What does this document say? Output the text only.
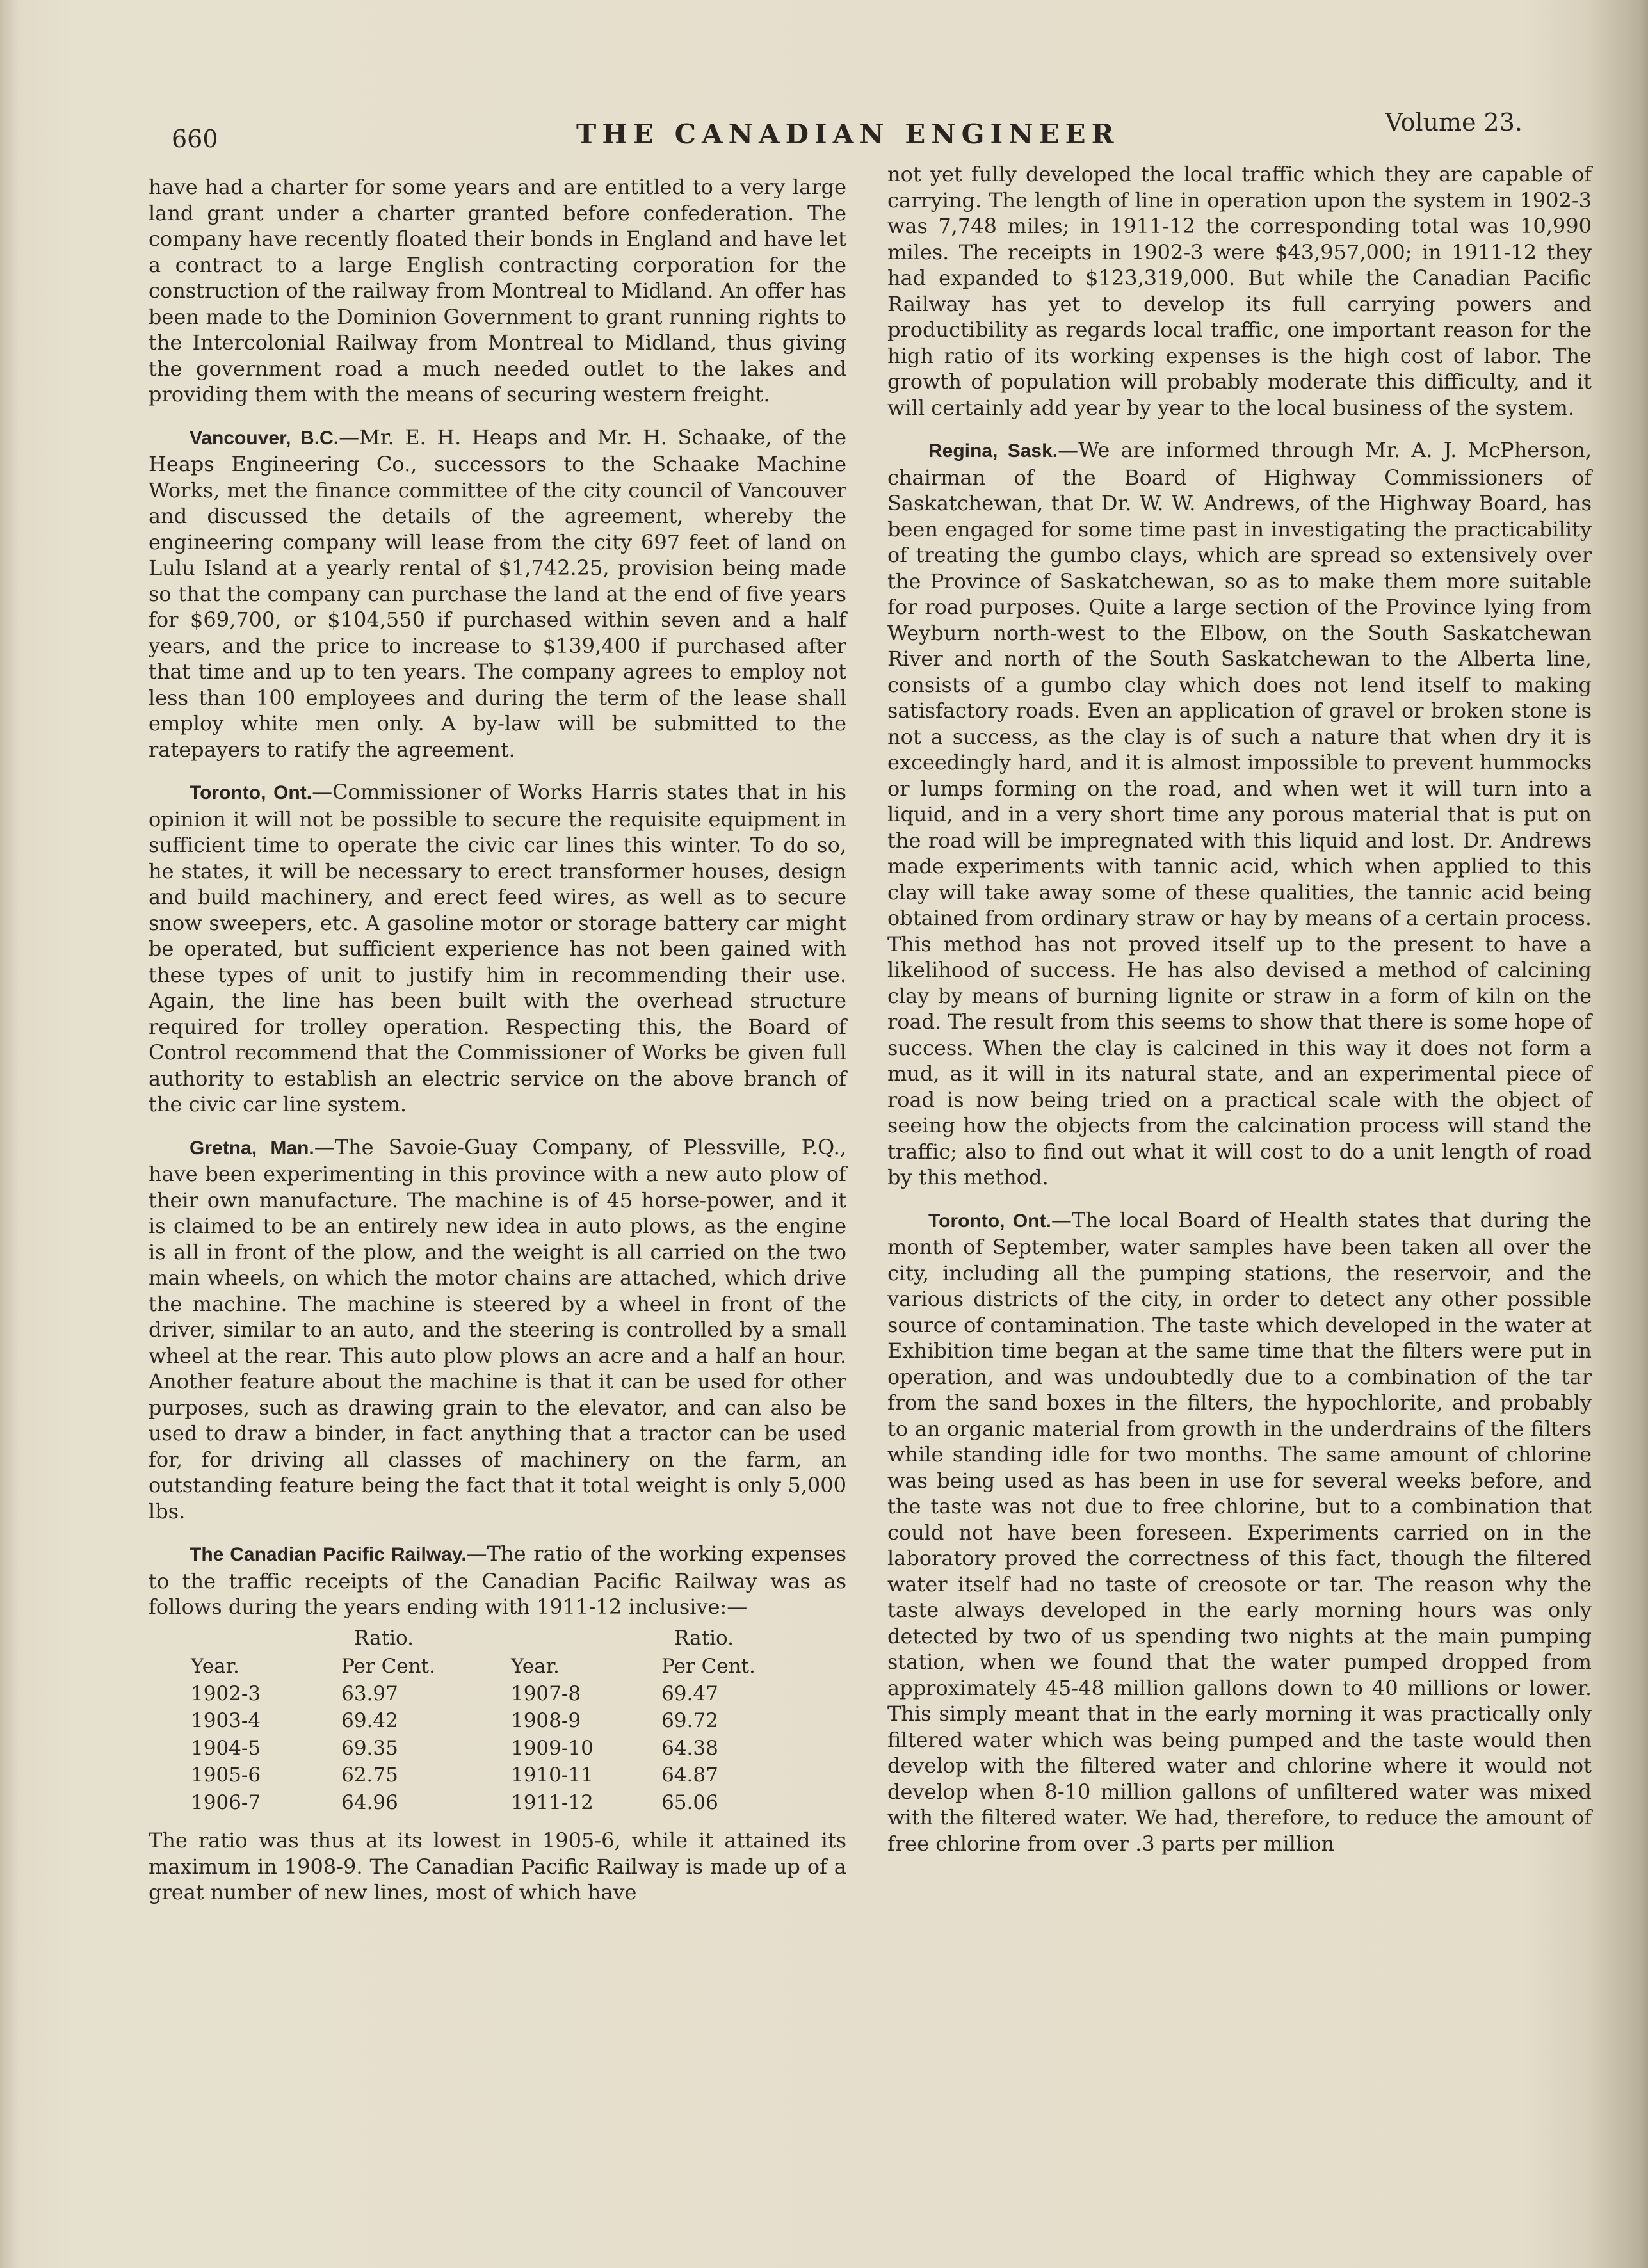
660	THE CANADIAN ENGINEER	Volume 23.

have had a charter for some years and are entitled to a very large land grant under a charter granted before confederation. The company have recently floated their bonds in England and have let a contract to a large English contracting corporation for the construction of the railway from Montreal to Midland. An offer has been made to the Dominion Government to grant running rights to the Intercolonial Railway from Montreal to Midland, thus giving the government road a much needed outlet to the lakes and providing them with the means of securing western freight.

Vancouver, B.C.—Mr. E. H. Heaps and Mr. H. Schaake, of the Heaps Engineering Co., successors to the Schaake Machine Works, met the finance committee of the city council of Vancouver and discussed the details of the agreement, whereby the engineering company will lease from the city 697 feet of land on Lulu Island at a yearly rental of $1,742.25, provision being made so that the company can purchase the land at the end of five years for $69,700, or $104,550 if purchased within seven and a half years, and the price to increase to $139,400 if purchased after that time and up to ten years. The company agrees to employ not less than 100 employees and during the term of the lease shall employ white men only. A by-law will be submitted to the ratepayers to ratify the agreement.

Toronto, Ont.—Commissioner of Works Harris states that in his opinion it will not be possible to secure the requisite equipment in sufficient time to operate the civic car lines this winter. To do so, he states, it will be necessary to erect transformer houses, design and build machinery, and erect feed wires, as well as to secure snow sweepers, etc. A gasoline motor or storage battery car might be operated, but sufficient experience has not been gained with these types of unit to justify him in recommending their use. Again, the line has been built with the overhead structure required for trolley operation. Respecting this, the Board of Control recommend that the Commissioner of Works be given full authority to establish an electric service on the above branch of the civic car line system.

Gretna, Man.—The Savoie-Guay Company, of Plessville, P.Q., have been experimenting in this province with a new auto plow of their own manufacture. The machine is of 45 horse-power, and it is claimed to be an entirely new idea in auto plows, as the engine is all in front of the plow, and the weight is all carried on the two main wheels, on which the motor chains are attached, which drive the machine. The machine is steered by a wheel in front of the driver, similar to an auto, and the steering is controlled by a small wheel at the rear. This auto plow plows an acre and a half an hour. Another feature about the machine is that it can be used for other purposes, such as drawing grain to the elevator, and can also be used to draw a binder, in fact anything that a tractor can be used for, for driving all classes of machinery on the farm, an outstanding feature being the fact that it total weight is only 5,000 lbs.

The Canadian Pacific Railway.—The ratio of the working expenses to the traffic receipts of the Canadian Pacific Railway was as follows during the years ending with 1911-12 inclusive:—

	Ratio.		Ratio.
Year.	Per Cent.	Year.	Per Cent.
1902-3	63.97	1907-8	69.47
1903-4	69.42	1908-9	69.72
1904-5	69.35	1909-10	64.38
1905-6	62.75	1910-11	64.87
1906-7	64.96	1911-12	65.06

The ratio was thus at its lowest in 1905-6, while it attained its maximum in 1908-9. The Canadian Pacific Railway is made up of a great number of new lines, most of which have

not yet fully developed the local traffic which they are capable of carrying. The length of line in operation upon the system in 1902-3 was 7,748 miles; in 1911-12 the corresponding total was 10,990 miles. The receipts in 1902-3 were $43,957,000; in 1911-12 they had expanded to $123,319,000. But while the Canadian Pacific Railway has yet to develop its full carrying powers and productibility as regards local traffic, one important reason for the high ratio of its working expenses is the high cost of labor. The growth of population will probably moderate this difficulty, and it will certainly add year by year to the local business of the system.

Regina, Sask.—We are informed through Mr. A. J. McPherson, chairman of the Board of Highway Commissioners of Saskatchewan, that Dr. W. W. Andrews, of the Highway Board, has been engaged for some time past in investigating the practicability of treating the gumbo clays, which are spread so extensively over the Province of Saskatchewan, so as to make them more suitable for road purposes. Quite a large section of the Province lying from Weyburn north-west to the Elbow, on the South Saskatchewan River and north of the South Saskatchewan to the Alberta line, consists of a gumbo clay which does not lend itself to making satisfactory roads. Even an application of gravel or broken stone is not a success, as the clay is of such a nature that when dry it is exceedingly hard, and it is almost impossible to prevent hummocks or lumps forming on the road, and when wet it will turn into a liquid, and in a very short time any porous material that is put on the road will be impregnated with this liquid and lost. Dr. Andrews made experiments with tannic acid, which when applied to this clay will take away some of these qualities, the tannic acid being obtained from ordinary straw or hay by means of a certain process. This method has not proved itself up to the present to have a likelihood of success. He has also devised a method of calcining clay by means of burning lignite or straw in a form of kiln on the road. The result from this seems to show that there is some hope of success. When the clay is calcined in this way it does not form a mud, as it will in its natural state, and an experimental piece of road is now being tried on a practical scale with the object of seeing how the objects from the calcination process will stand the traffic; also to find out what it will cost to do a unit length of road by this method.

Toronto, Ont.—The local Board of Health states that during the month of September, water samples have been taken all over the city, including all the pumping stations, the reservoir, and the various districts of the city, in order to detect any other possible source of contamination. The taste which developed in the water at Exhibition time began at the same time that the filters were put in operation, and was undoubtedly due to a combination of the tar from the sand boxes in the filters, the hypochlorite, and probably to an organic material from growth in the underdrains of the filters while standing idle for two months. The same amount of chlorine was being used as has been in use for several weeks before, and the taste was not due to free chlorine, but to a combination that could not have been foreseen. Experiments carried on in the laboratory proved the correctness of this fact, though the filtered water itself had no taste of creosote or tar. The reason why the taste always developed in the early morning hours was only detected by two of us spending two nights at the main pumping station, when we found that the water pumped dropped from approximately 45-48 million gallons down to 40 millions or lower. This simply meant that in the early morning it was practically only filtered water which was being pumped and the taste would then develop with the filtered water and chlorine where it would not develop when 8-10 million gallons of unfiltered water was mixed with the filtered water. We had, therefore, to reduce the amount of free chlorine from over .3 parts per million
